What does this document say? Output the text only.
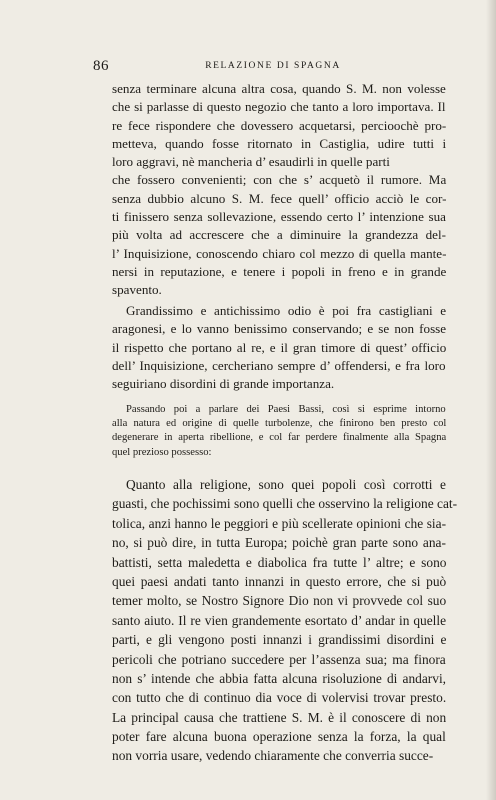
86	RELAZIONE DI SPAGNA
senza terminare alcuna altra cosa, quando S. M. non volesse
che si parlasse di questo negozio che tanto a loro importava. Il
re fece rispondere che dovessero acquetarsi, percioochè pro-
metteva, quando fosse ritornato in Castiglia, udire tutti i
loro aggravi, nè mancheria d’ esaudirli in quelle parti
che fossero convenienti; con che s’ acquetò il rumore. Ma
senza dubbio alcuno S. M. fece quell’ officio acciò le cor-
ti finissero senza sollevazione, essendo certo l’ intenzione sua
più volta ad accrescere che a diminuire la grandezza del-
l’ Inquisizione, conoscendo chiaro col mezzo di quella mante-
nersi in reputazione, e tenere i popoli in freno e in grande
spavento.
Grandissimo e antichissimo odio è poi fra castigliani e
aragonesi, e lo vanno benissimo conservando; e se non fosse
il rispetto che portano al re, e il gran timore di quest’ officio
dell’ Inquisizione, cercheriano sempre d’ offendersi, e fra loro
seguiriano disordini di grande importanza.
Passando poi a parlare dei Paesi Bassi, così si esprime intorno
alla natura ed origine di quelle turbolenze, che finirono ben presto col
degenerare in aperta ribellione, e col far perdere finalmente alla Spagna
quel prezioso possesso:
Quanto alla religione, sono quei popoli così corrotti e
guasti, che pochissimi sono quelli che osservino la religione cat-
tolica, anzi hanno le peggiori e più scellerate opinioni che sia-
no, si può dire, in tutta Europa; poichè gran parte sono ana-
battisti, setta maledetta e diabolica fra tutte l’ altre; e sono
quei paesi andati tanto innanzi in questo errore, che si può
temer molto, se Nostro Signore Dio non vi provvede col suo
santo aiuto. Il re vien grandemente esortato d’ andar in quelle
parti, e gli vengono posti innanzi i grandissimi disordini e
pericoli che potriano succedere per l’assenza sua; ma finora
non s’ intende che abbia fatta alcuna risoluzione di andarvi,
con tutto che di continuo dia voce di volervisi trovar presto.
La principal causa che trattiene S. M. è il conoscere di non
poter fare alcuna buona operazione senza la forza, la qual
non vorria usare, vedendo chiaramente che converria succe-
